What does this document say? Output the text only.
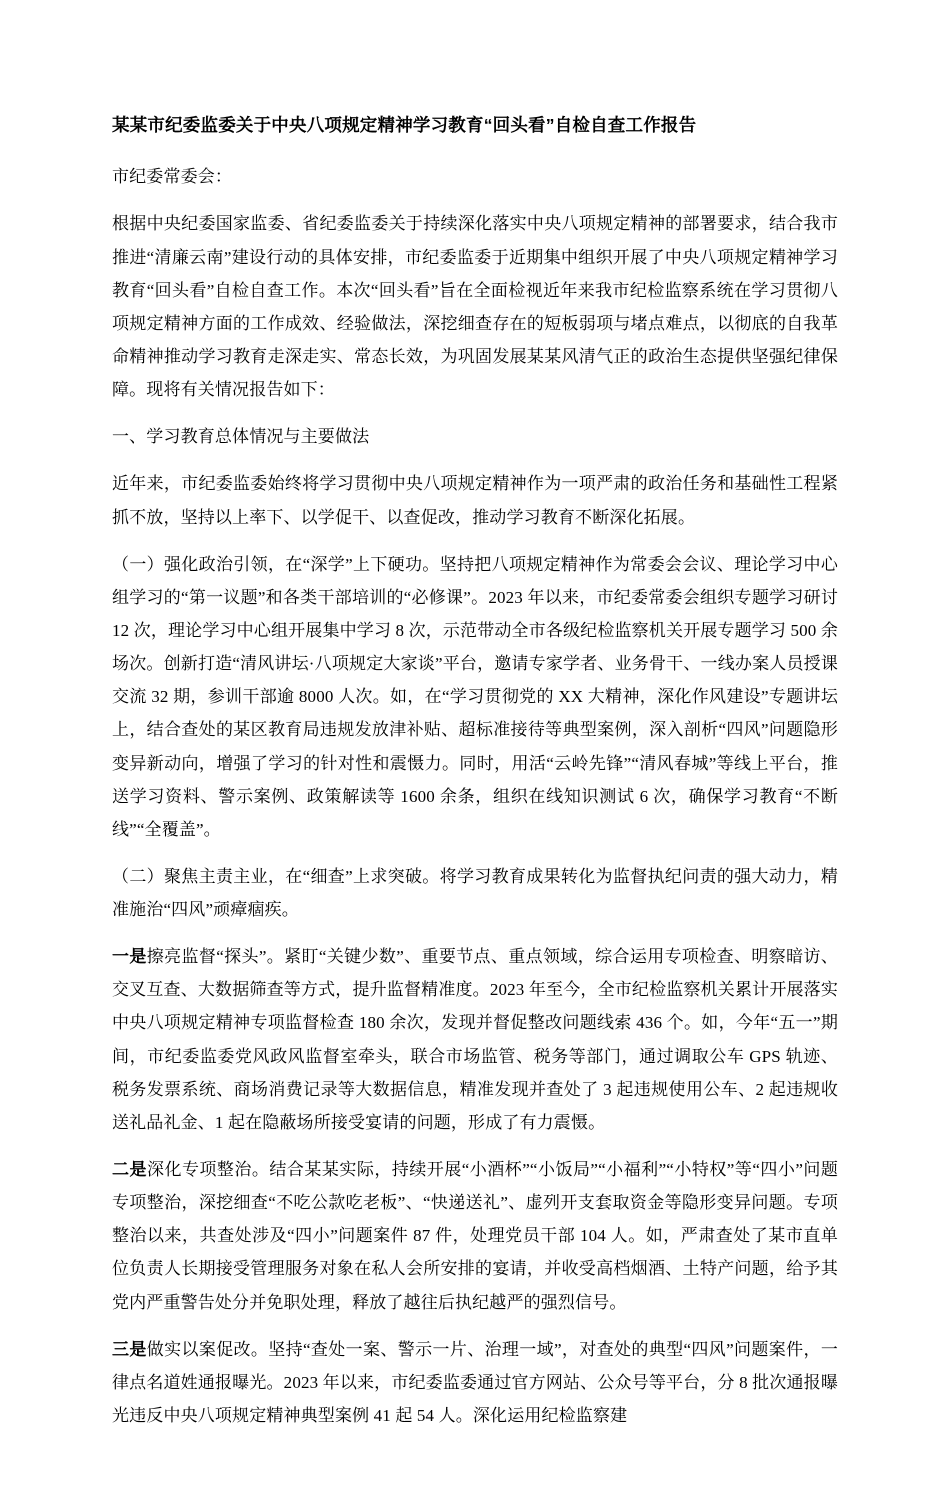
某某市纪委监委关于中央八项规定精神学习教育“回头看”自检自查工作报告

市纪委常委会：

根据中央纪委国家监委、省纪委监委关于持续深化落实中央八项规定精神的部署要求，结合我市推进“清廉云南”建设行动的具体安排，市纪委监委于近期集中组织开展了中央八项规定精神学习教育“回头看”自检自查工作。本次“回头看”旨在全面检视近年来我市纪检监察系统在学习贯彻八项规定精神方面的工作成效、经验做法，深挖细查存在的短板弱项与堵点难点，以彻底的自我革命精神推动学习教育走深走实、常态长效，为巩固发展某某风清气正的政治生态提供坚强纪律保障。现将有关情况报告如下：

一、学习教育总体情况与主要做法

近年来，市纪委监委始终将学习贯彻中央八项规定精神作为一项严肃的政治任务和基础性工程紧抓不放，坚持以上率下、以学促干、以查促改，推动学习教育不断深化拓展。

（一）强化政治引领，在“深学”上下硬功。坚持把八项规定精神作为常委会会议、理论学习中心组学习的“第一议题”和各类干部培训的“必修课”。2023 年以来，市纪委常委会组织专题学习研讨 12 次，理论学习中心组开展集中学习 8 次，示范带动全市各级纪检监察机关开展专题学习 500 余场次。创新打造“清风讲坛·八项规定大家谈”平台，邀请专家学者、业务骨干、一线办案人员授课交流 32 期，参训干部逾 8000 人次。如，在“学习贯彻党的 XX 大精神，深化作风建设”专题讲坛上，结合查处的某区教育局违规发放津补贴、超标准接待等典型案例，深入剖析“四风”问题隐形变异新动向，增强了学习的针对性和震慑力。同时，用活“云岭先锋”“清风春城”等线上平台，推送学习资料、警示案例、政策解读等 1600 余条，组织在线知识测试 6 次，确保学习教育“不断线”“全覆盖”。

（二）聚焦主责主业，在“细查”上求突破。将学习教育成果转化为监督执纪问责的强大动力，精准施治“四风”顽瘴痼疾。

一是擦亮监督“探头”。紧盯“关键少数”、重要节点、重点领域，综合运用专项检查、明察暗访、交叉互查、大数据筛查等方式，提升监督精准度。2023 年至今，全市纪检监察机关累计开展落实中央八项规定精神专项监督检查 180 余次，发现并督促整改问题线索 436 个。如，今年“五一”期间，市纪委监委党风政风监督室牵头，联合市场监管、税务等部门，通过调取公车 GPS 轨迹、税务发票系统、商场消费记录等大数据信息，精准发现并查处了 3 起违规使用公车、2 起违规收送礼品礼金、1 起在隐蔽场所接受宴请的问题，形成了有力震慑。

二是深化专项整治。结合某某实际，持续开展“小酒杯”“小饭局”“小福利”“小特权”等“四小”问题专项整治，深挖细查“不吃公款吃老板”、“快递送礼”、虚列开支套取资金等隐形变异问题。专项整治以来，共查处涉及“四小”问题案件 87 件，处理党员干部 104 人。如，严肃查处了某市直单位负责人长期接受管理服务对象在私人会所安排的宴请，并收受高档烟酒、土特产问题，给予其党内严重警告处分并免职处理，释放了越往后执纪越严的强烈信号。

三是做实以案促改。坚持“查处一案、警示一片、治理一域”，对查处的典型“四风”问题案件，一律点名道姓通报曝光。2023 年以来，市纪委监委通过官方网站、公众号等平台，分 8 批次通报曝光违反中央八项规定精神典型案例 41 起 54 人。深化运用纪检监察建
